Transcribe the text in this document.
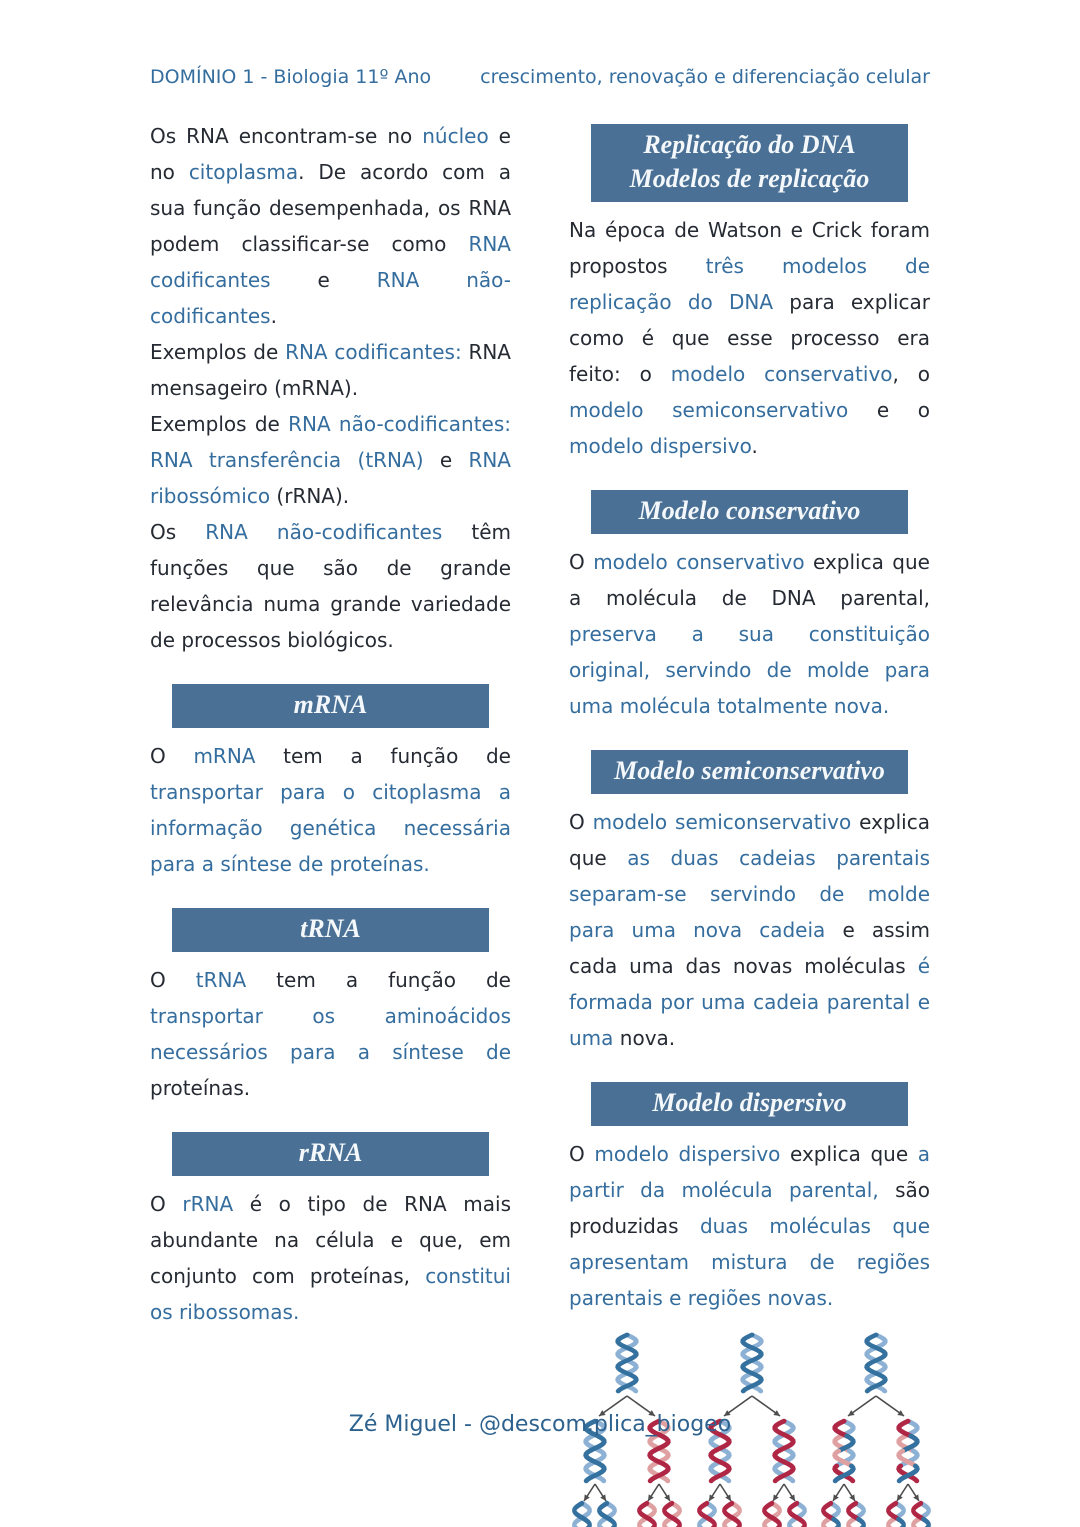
DOMÍNIO 1 - Biologia 11º Ano	crescimento, renovação e diferenciação celular

Os RNA encontram-se no núcleo e no citoplasma. De acordo com a sua função desempenhada, os RNA podem classificar-se como RNA codificantes e RNA não-codificantes.

Exemplos de RNA codificantes: RNA mensageiro (mRNA).

Exemplos de RNA não-codificantes: RNA transferência (tRNA) e RNA ribossómico (rRNA).

Os RNA não-codificantes têm funções que são de grande relevância numa grande variedade de processos biológicos.

mRNA

O mRNA tem a função de transportar para o citoplasma a informação genética necessária para a síntese de proteínas.

tRNA

O tRNA tem a função de transportar os aminoácidos necessários para a síntese de proteínas.

rRNA

O rRNA é o tipo de RNA mais abundante na célula e que, em conjunto com proteínas, constitui os ribossomas.

Replicação do DNA
Modelos de replicação

Na época de Watson e Crick foram propostos três modelos de replicação do DNA para explicar como é que esse processo era feito: o modelo conservativo, o modelo semiconservativo e o modelo dispersivo.

Modelo conservativo

O modelo conservativo explica que a molécula de DNA parental, preserva a sua constituição original, servindo de molde para uma molécula totalmente nova.

Modelo semiconservativo

O modelo semiconservativo explica que as duas cadeias parentais separam-se servindo de molde para uma nova cadeia e assim cada uma das novas moléculas é formada por uma cadeia parental e uma nova.

Modelo dispersivo

O modelo dispersivo explica que a partir da molécula parental, são produzidas duas moléculas que apresentam mistura de regiões parentais e regiões novas.

Zé Miguel - @descom.plica_biogeo
